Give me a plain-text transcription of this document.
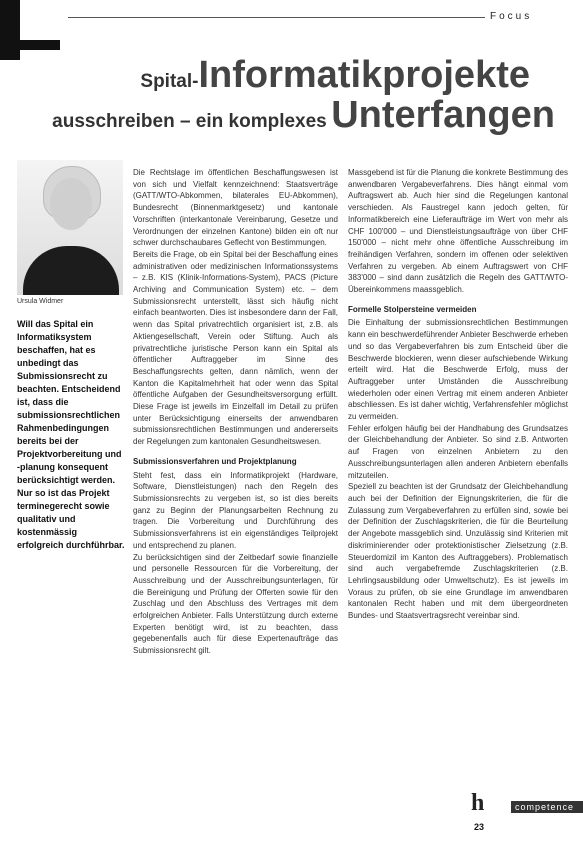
Focus
Spital-Informatikprojekte
ausschreiben – ein komplexes Unterfangen
Ursula Widmer
Will das Spital ein Informatiksystem beschaffen, hat es unbedingt das Submissionsrecht zu beachten. Entscheidend ist, dass die submissionsrechtlichen Rahmenbedingungen bereits bei der Projektvorbereitung und -planung konsequent berücksichtigt werden. Nur so ist das Projekt terminegerecht sowie qualitativ und kostenmässig erfolgreich durchführbar.

Die Rechtslage im öffentlichen Beschaffungswesen ist von sich und Vielfalt kennzeichnend: Staatsverträge (GATT/WTO-Abkommen, bilaterales EU-Abkommen), Bundesrecht (Binnenmarktgesetz) und kantonale Vorschriften (interkantonale Vereinbarung, Gesetze und Verordnungen der einzelnen Kantone) bilden ein oft nur schwer durchschaubares Geflecht von Bestimmungen.

Bereits die Frage, ob ein Spital bei der Beschaffung eines administrativen oder medizinischen Informationssystems – z.B. KIS (Klinik-Informations-System), PACS (Picture Archiving and Communication System) etc. – dem Submissionsrecht unterstellt, lässt sich häufig nicht einfach beantworten. Dies ist insbesondere dann der Fall, wenn das Spital privatrechtlich organisiert ist, z.B. als Aktiengesellschaft, Verein oder Stiftung. Auch als privatrechtliche juristische Person kann ein Spital als öffentlicher Auftraggeber im Sinne des Beschaffungsrechts gelten, dann nämlich, wenn der Kanton die Kapitalmehrheit hat oder wenn das Spital öffentliche Aufgaben der Gesundheitsversorgung erfüllt. Diese Frage ist jeweils im Einzelfall im Detail zu prüfen unter Berücksichtigung einerseits der anwendbaren submissionsrechtlichen Bestimmungen und andererseits der Regelungen zum kantonalen Gesundheitswesen.

Submissionsverfahren und Projektplanung

Steht fest, dass ein Informatikprojekt (Hardware, Software, Dienstleistungen) nach den Regeln des Submissionsrechts zu vergeben ist, so ist dies bereits ganz zu Beginn der Planungsarbeiten Rechnung zu tragen. Die Vorbereitung und Durchführung des Submissionsverfahrens ist ein eigenständiges Teilprojekt und entsprechend zu planen.

Zu berücksichtigen sind der Zeitbedarf sowie finanzielle und personelle Ressourcen für die Vorbereitung, der Ausschreibung und der Ausschreibungsunterlagen, für die Bereinigung und Prüfung der Offerten sowie für den Zuschlag und den Abschluss des Vertrages mit dem erfolgreichen Anbieter. Falls Unterstützung durch externe Experten benötigt wird, ist zu beachten, dass gegebenenfalls auch für diese Expertenaufträge das Submissionsrecht gilt.

Massgebend ist für die Planung die konkrete Bestimmung des anwendbaren Vergabeverfahrens. Dies hängt einmal vom Auftragswert ab. Auch hier sind die Regelungen kantonal verschieden. Als Faustregel kann jedoch gelten, für Informatikbereich eine Lieferaufträge im Wert von mehr als CHF 100'000 – und Dienstleistungsaufträge von über CHF 150'000 – nicht mehr ohne öffentliche Ausschreibung im freihändigen Verfahren, sondern im offenen oder selektiven Verfahren zu vergeben. Ab einem Auftragswert von CHF 383'000 – sind dann zusätzlich die Regeln des GATT/WTO-Übereinkommens maassgeblich.

Formelle Stolpersteine vermeiden

Die Einhaltung der submissionsrechtlichen Bestimmungen kann ein beschwerdeführender Anbieter Beschwerde erheben und so das Vergabeverfahren bis zum Entscheid über die Beschwerde blockieren, wenn dieser aufschiebende Wirkung erteilt wird. Hat die Beschwerde Erfolg, muss der Auftraggeber unter Umständen die Ausschreibung wiederholen oder einen Vertrag mit einem anderen Anbieter abschliessen. Es ist daher wichtig, Verfahrensfehler möglichst zu vermeiden.

Fehler erfolgen häufig bei der Handhabung des Grundsatzes der Gleichbehandlung der Anbieter. So sind z.B. Antworten auf Fragen von einzelnen Anbietern zu den Ausschreibungsunterlagen allen anderen Anbietern ebenfalls mitzuteilen.

Speziell zu beachten ist der Grundsatz der Gleichbehandlung auch bei der Definition der Eignungskriterien, die für die Zulassung zum Vergabeverfahren zu erfüllen sind, sowie bei der Definition der Zuschlagskriterien, die für die Beurteilung der Angebote massgeblich sind. Unzulässig sind Kriterien mit diskriminierender oder protektionistischer Zielsetzung (z.B. Steuerdomizil im Kanton des Auftraggebers). Problematisch sind auch vergabefremde Zuschlagskriterien (z.B. Lehrlingsausbildung oder Umweltschutz). Es ist jeweils im Voraus zu prüfen, ob sie eine Grundlage im anwendbaren kantonalen Recht haben und mit dem übergeordneten Bundes- und Staatsvertragsrecht vereinbar sind.

h	competence
23
